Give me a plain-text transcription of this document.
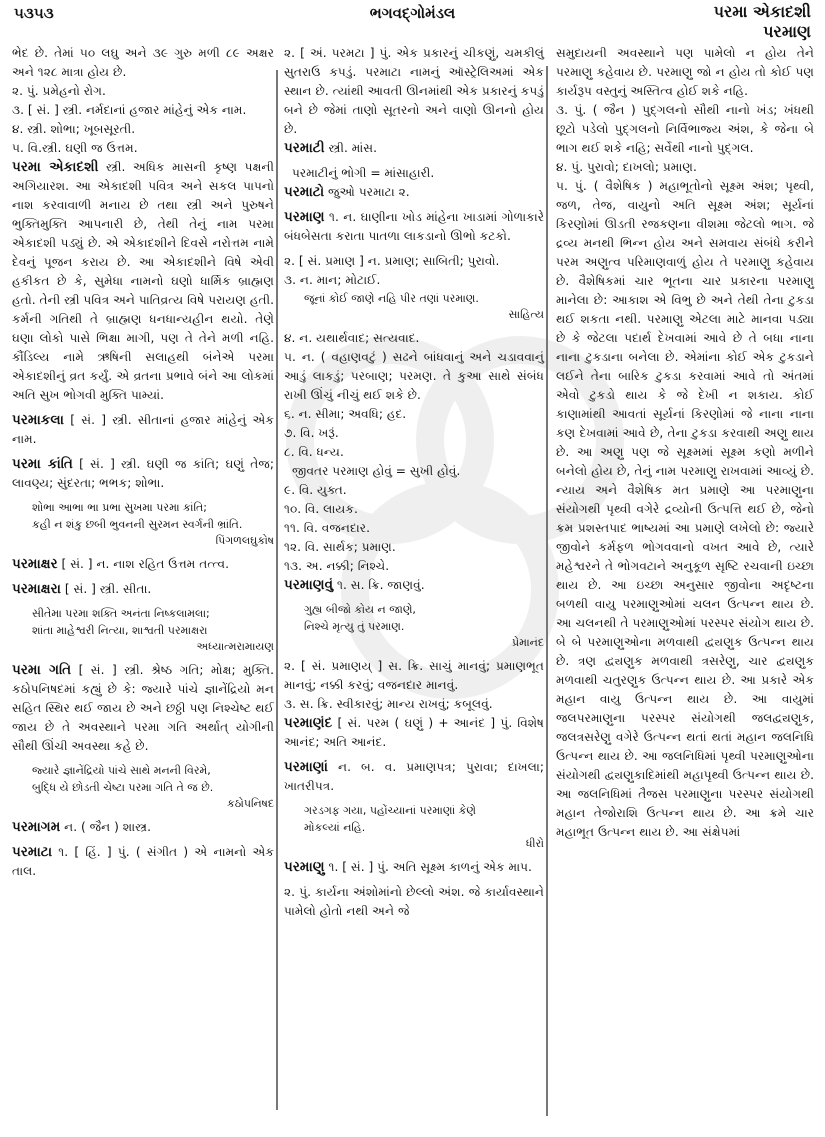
૫૩૫૩	ભગવદ્ગોમંડલ	પરમા એકાદશી
પરમાણ

ભેદ છે. તેમાં ૫૦ લઘુ અને ૩૯ ગુરુ મળી ૮૯ અક્ષર અને ૧૨૮ માત્રા હોય છે.

૨. પું. પ્રમેહનો રોગ.

૩. [ સં. ] સ્ત્રી. નર્મદાનાં હજાર માંહેનું એક નામ.

૪. સ્ત્રી. શોભા; ખૂબસૂરતી.

૫. વિ.સ્ત્રી. ઘણી જ ઉત્તમ.

પરમા એકાદશી સ્ત્રી. અધિક માસની કૃષ્ણ પક્ષની અગિયારશ. આ એકાદશી પવિત્ર અને સકલ પાપનો નાશ કરવાવાળી મનાય છે તથા સ્ત્રી અને પુરુષને ભુક્તિમુક્તિ આપનારી છે, તેથી તેનું નામ પરમા એકાદશી પડ્યું છે. એ એકાદશીને દિવસે નરોત્તમ નામે દેવનું પૂજન કરાય છે. આ એકાદશીને વિષે એવી હકીકત છે કે, સુમેધા નામનો ઘણો ધાર્મિક બ્રાહ્મણ હતો. તેની સ્ત્રી પવિત્ર અને પાતિવ્રત્ય વિષે પરાયણ હતી. કર્મની ગતિથી તે બ્રાહ્મણ ધનધાન્યહીન થયો. તેણે ઘણા લોકો પાસે ભિક્ષા માગી, પણ તે તેને મળી નહિ. કૌંડિલ્ય નામે ઋષિની સલાહથી બંનેએ પરમા એકાદશીનું વ્રત કર્યું. એ વ્રતના પ્રભાવે બંને આ લોકમાં અતિ સુખ ભોગવી મુક્તિ પામ્યાં.

પરમાકલા [ સં. ] સ્ત્રી. સીતાનાં હજાર માંહેનું એક નામ.

પરમા કાંતિ [ સં. ] સ્ત્રી. ઘણી જ કાંતિ; ઘણું તેજ; લાવણ્ય; સુંદરતા; ભભક; શોભા.

શોભા આભા ભા પ્રભા સુખમા પરમા કાંતિ;
કહી ન શંકુ છબી ભુવનની સુરમન સ્વર્ગની ભ્રાંતિ.
પિંગળલઘુકોષ

પરમાક્ષર [ સં. ] ન. નાશ રહિત ઉત્તમ તત્ત્વ.

પરમાક્ષરા [ સં. ] સ્ત્રી. સીતા.

સીતેમા પરમા શક્તિ અનંતા નિષ્કલામલા;
શાંતા માહેશ્વરી નિત્યા, શાશ્વતી પરમાક્ષરા
અધ્યાત્મરામાયણ

પરમા ગતિ [ સં. ] સ્ત્રી. શ્રેષ્ઠ ગતિ; મોક્ષ; મુક્તિ. કઠોપનિષદમાં કહ્યું છે કે: જ્યારે પાંચે જ્ઞાનેંદ્રિયો મન સહિત સ્થિર થઈ જાય છે અને છઠ્ઠી પણ નિશ્ચેષ્ટ થઈ જાય છે તે અવસ્થાને પરમા ગતિ અર્થાત્ યોગીની સૌથી ઊંચી અવસ્થા કહે છે.

જ્યારે જ્ઞાનેંદ્રિયો પાંચે સાથે મનની વિરમે,
બુદ્ધિ યે છોડતી ચેષ્ટા પરમા ગતિ તે જ છે.
કઠોપનિષદ

પરમાગમ ન. ( જૈન ) શાસ્ત્ર.

પરમાટા ૧. [ હિં. ] પું. ( સંગીત ) એ નામનો એક તાલ.

૨. [ અં. પરમટા ] પું. એક પ્રકારનું ચીકણું, ચમકીલું સુતરાઉ કપડું. પરમાટા નામનું ઑસ્ટ્રેલિઅમાં એક સ્થાન છે. ત્યાંથી આવતી ઊનમાંથી એક પ્રકારનું કપડું બને છે જેમાં તાણો સૂતરનો અને વાણો ઊનનો હોય છે.

પરમાટી સ્ત્રી. માંસ.

પરમાટીનું ભોગી = માંસાહારી.

પરમાટો જુઓ પરમાટા ૨.

પરમાણ ૧. ન. ઘાણીના ખોડ માંહેના ખાડામાં ગોળાકારે બંધબેસતા કરાતા પાતળા લાકડાનો ઊભો કટકો.

૨. [ સં. પ્રમાણ ] ન. પ્રમાણ; સાબિતી; પુરાવો.

૩. ન. માન; મોટાઈ.

જૂનાં કોઈ જાણે નહિ પીર તણાં પરમાણ.
સાહિત્ય

૪. ન. યથાર્થવાદ; સત્યવાદ.

૫. ન. ( વહાણવટું ) સઢને બાંધવાનું અને ચડાવવાનું આડું લાકડું; પરબાણ; પરમણ. તે કુઆ સાથે સંબંધ રાખી ઊંચું નીચું થઈ શકે છે.

૬. ન. સીમા; અવધિ; હદ.

૭. વિ. ખરૂં.

૮. વિ. ધન્ય.

જીવતર પરમાણ હોવું = સુખી હોવું.

૯. વિ. યુક્ત.

૧૦. વિ. લાયક.

૧૧. વિ. વજનદાર.

૧૨. વિ. સાર્થક; પ્રમાણ.

૧૩. અ. નક્કી; નિશ્ચે.

પરમાણવું ૧. સ. ક્રિ. જાણવું.

ગુહ્ય બીજો કોય ન જાણે,
નિશ્ચે મૃત્યુ તું પરમાણ.
પ્રેમાનંદ

૨. [ સં. પ્રમાણય્ ] સ. ક્રિ. સાચું માનવું; પ્રમાણભૂત માનવું; નક્કી કરવું; વજનદાર માનવું.

૩. સ. ક્રિ. સ્વીકારવું; માન્ય રાખવું; કબૂલવું.

પરમાણંદ [ સં. પરમ ( ઘણું ) + આનંદ ] પું. વિશેષ આનંદ; અતિ આનંદ.

પરમાણાં ન. બ. વ. પ્રમાણપત્ર; પુરાવા; દાખલા; ખાતરીપત્ર.

ગરડગફ ગયા, પહોંચ્યાનાં પરમાણાં કેણે
મોકલ્યાં નહિ.
ધીરો

પરમાણુ ૧. [ સં. ] પું. અતિ સૂક્ષ્મ કાળનું એક માપ.

૨. પું. કાર્યના અંશોમાંનો છેલ્લો અંશ. જે કાર્યાવસ્થાને પામેલો હોતો નથી અને જે

સમુદાયની અવસ્થાને પણ પામેલો ન હોય તેને પરમાણુ કહેવાય છે. પરમાણુ જો ન હોય તો કોઈ પણ કાર્યરૂપ વસ્તુનું અસ્તિત્વ હોઈ શકે નહિ.

૩. પું. ( જૈન ) પુદ્ગલનો સૌથી નાનો ખંડ; ખંધથી છૂટો પડેલો પુદ્ગલનો નિર્વિભાજ્ય અંશ, કે જેના બે ભાગ થઈ શકે નહિ; સર્વેથી નાનો પુદ્ગલ.

૪. પું. પુરાવો; દાખલો; પ્રમાણ.

૫. પું. ( વૈશેષિક ) મહાભૂતોનો સૂક્ષ્મ અંશ; પૃથ્વી, જળ, તેજ, વાયુનો અતિ સૂક્ષ્મ અંશ; સૂર્યનાં કિરણોમાં ઊડતી રજકણના વીશમા જેટલો ભાગ. જે દ્રવ્ય મનથી ભિન્ન હોય અને સમવાય સંબંધે કરીને પરમ અણુત્વ પરિમાણવાળું હોય તે પરમાણુ કહેવાય છે. વૈશેષિકમાં ચાર ભૂતના ચાર પ્રકારના પરમાણુ માનેલા છે: આકાશ એ વિભુ છે અને તેથી તેના ટુકડા થઈ શકતા નથી. પરમાણુ એટલા માટે માનવા પડ્યા છે કે જેટલા પદાર્થ દેખવામાં આવે છે તે બધા નાના નાના ટુકડાના બનેલા છે. એમાંના કોઈ એક ટુકડાને લઈને તેના બારિક ટુકડા કરવામાં આવે તો અંતમાં એવો ટુકડો થાય કે જે દેખી ન શકાય. કોઈ કાણામાંથી આવતાં સૂર્યનાં કિરણોમાં જે નાના નાના કણ દેખવામાં આવે છે, તેના ટુકડા કરવાથી અણુ થાય છે. આ અણુ પણ જે સૂક્ષ્મમાં સૂક્ષ્મ કણો મળીને બનેલો હોય છે, તેનું નામ પરમાણુ રાખવામાં આવ્યું છે. ન્યાય અને વૈશેષિક મત પ્રમાણે આ પરમાણુના સંયોગથી પૃથ્વી વગેરે દ્રવ્યોની ઉત્પત્તિ થઈ છે, જેનો ક્રમ પ્રશસ્તપાદ ભાષ્યમાં આ પ્રમાણે લખેલો છે: જ્યારે જીવોને કર્મફળ ભોગવવાનો વખત આવે છે, ત્યારે મહેશ્વરને તે ભોગવટાને અનુકૂળ સૃષ્ટિ રચવાની ઇચ્છા થાય છે. આ ઇચ્છા અનુસાર જીવોના અદૃષ્ટના બળથી વાયુ પરમાણુઓમાં ચલન ઉત્પન્ન થાય છે. આ ચલનથી તે પરમાણુઓમાં પરસ્પર સંયોગ થાય છે. બે બે પરમાણુઓના મળવાથી દ્વ્યણુક ઉત્પન્ન થાય છે. ત્રણ દ્વ્યણુક મળવાથી ત્રસરેણુ, ચાર દ્વ્યણુક મળવાથી ચતુરણુક ઉત્પન્ન થાય છે. આ પ્રકારે એક મહાન વાયુ ઉત્પન્ન થાય છે. આ વાયુમાં જલપરમાણુના પરસ્પર સંયોગથી જલદ્વ્યણુક, જલત્રસરેણુ વગેરે ઉત્પન્ન થતાં થતાં મહાન જલનિધિ ઉત્પન્ન થાય છે. આ જલનિધિમાં પૃથ્વી પરમાણુઓના સંયોગથી દ્વ્યણુકાદિમાંથી મહાપૃથ્વી ઉત્પન્ન થાય છે. આ જલનિધિમાં તૈજસ પરમાણુના પરસ્પર સંયોગથી મહાન તેજોરાશિ ઉત્પન્ન થાય છે. આ ક્રમે ચાર મહાભૂત ઉત્પન્ન થાય છે. આ સંક્ષેપમાં
